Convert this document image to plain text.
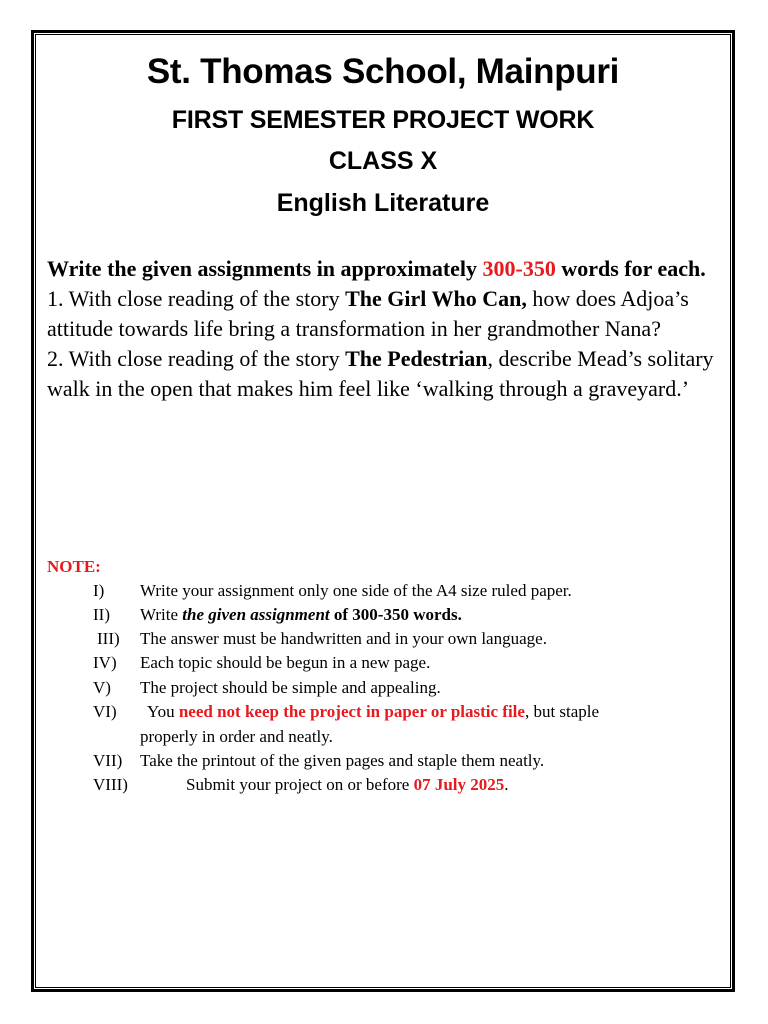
St. Thomas School, Mainpuri
FIRST SEMESTER PROJECT WORK
CLASS X
English Literature
Write the given assignments in approximately 300-350 words for each.
1. With close reading of the story The Girl Who Can, how does Adjoa’s attitude towards life bring a transformation in her grandmother Nana?
2. With close reading of the story The Pedestrian, describe Mead’s solitary walk in the open that makes him feel like ‘walking through a graveyard.’
NOTE:
I) Write your assignment only one side of the A4 size ruled paper.
II) Write the given assignment of 300-350 words.
III) The answer must be handwritten and in your own language.
IV) Each topic should be begun in a new page.
V) The project should be simple and appealing.
VI) You need not keep the project in paper or plastic file, but staple
properly in order and neatly.
VII) Take the printout of the given pages and staple them neatly.
VIII)	Submit your project on or before 07 July 2025.
